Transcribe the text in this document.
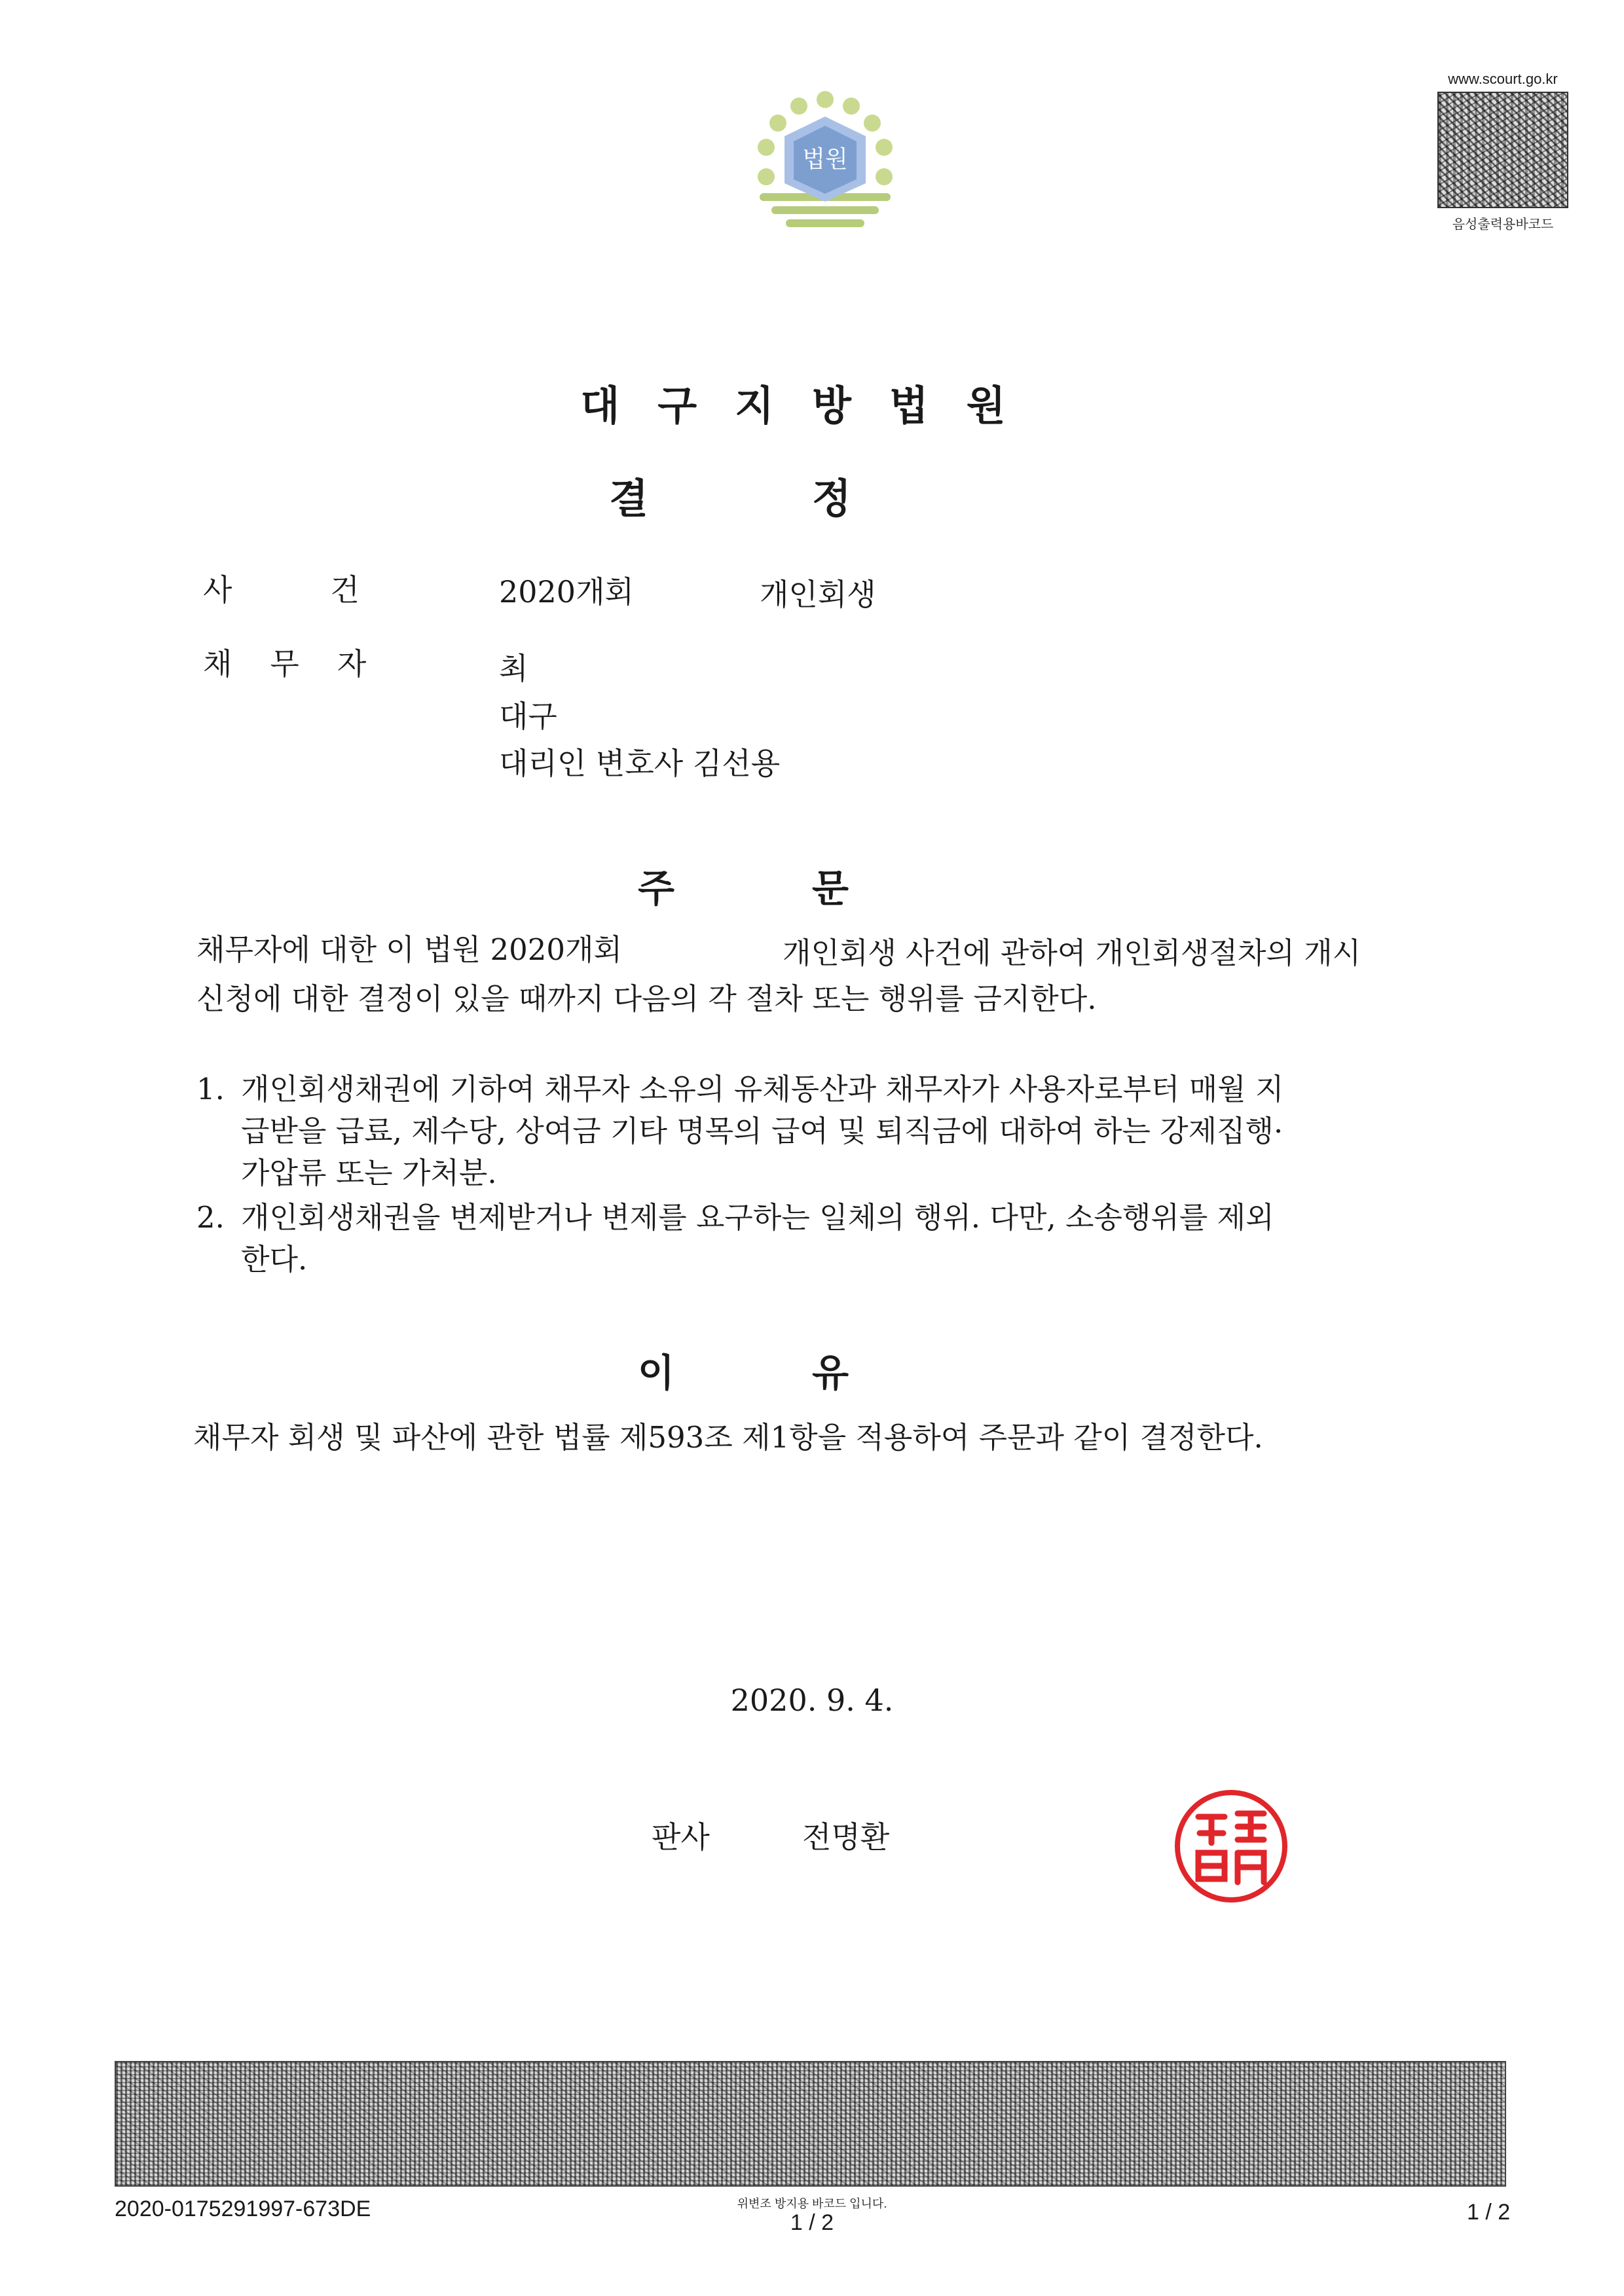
법원
www.scourt.go.kr
음성출력용바코드
대구지방법원
결정
사건 2020개회	개인회생
채무자	최
대구
대리인 변호사 김선용
주문
채무자에 대한 이 법원 2020개회	개인회생 사건에 관하여 개인회생절차의 개시
신청에 대한 결정이 있을 때까지 다음의 각 절차 또는 행위를 금지한다.
1. 개인회생채권에 기하여 채무자 소유의 유체동산과 채무자가 사용자로부터 매월 지
급받을 급료, 제수당, 상여금 기타 명목의 급여 및 퇴직금에 대하여 하는 강제집행·
가압류 또는 가처분.
2. 개인회생채권을 변제받거나 변제를 요구하는 일체의 행위. 다만, 소송행위를 제외
한다.
이유
채무자 회생 및 파산에 관한 법률 제593조 제1항을 적용하여 주문과 같이 결정한다.
2020. 9. 4.
판사	전명환
2020-0175291997-673DE	위변조 방지용 바코드 입니다.
1 / 2	1 / 2
